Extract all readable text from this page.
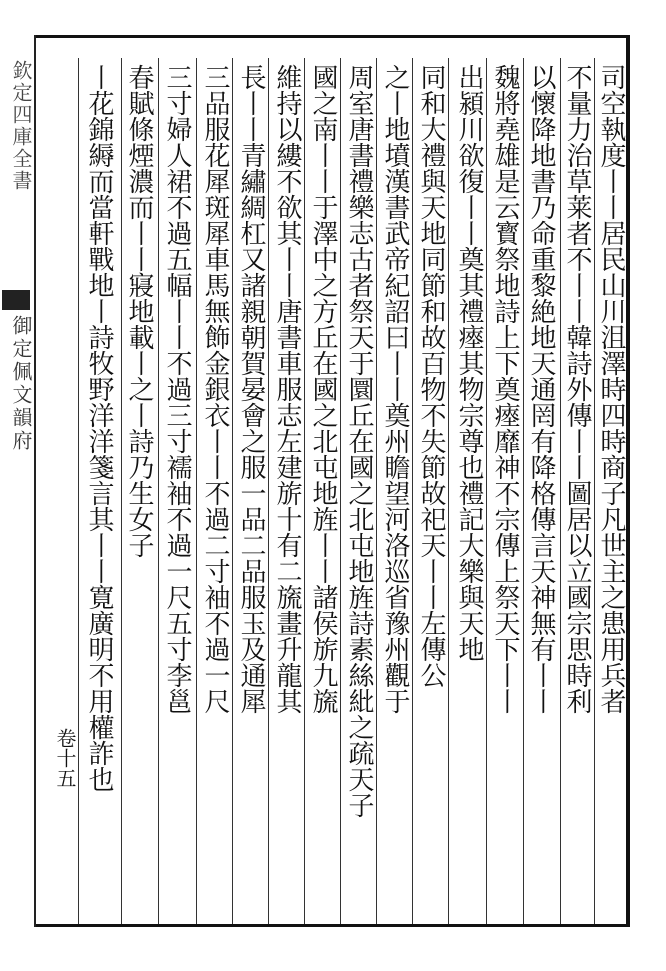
欽定四庫全書
御定佩文韻府	司空執度丨丨居民山川沮澤時四時商子凡世主之患用兵者
不量力治草莱者不丨丨韓詩外傳丨丨圖居以立國宗思時利
以懷降地書乃命重黎絶地天通罔有降格傳言天神無有丨丨
魏將堯雄是云寳祭地詩上下奠瘞靡神不宗傳上祭天下丨丨
出潁川欲復丨丨奠其禮瘞其物宗尊也禮記大樂與天地
同和大禮與天地同節和故百物不失節故祀天丨丨左傳公
之丨地墳漢書武帝紀詔曰丨丨奠州瞻望河洛巡省豫州觀于
周室唐書禮樂志古者祭天于圜丘在國之北屯地旌詩素絲紕之疏天子
國之南丨丨于澤中之方丘在國之北屯地旌丨丨諸侯旂九旒
維持以縷不欲其丨丨唐書車服志左建旂十有二旒畫升龍其
長丨丨青繡綢杠又諸親朝賀晏會之服一品二品服玉及通犀
三品服花犀斑犀車馬無飾金銀衣丨丨不過二寸袖不過一尺
三寸婦人裙不過五幅丨丨不過三寸襦袖不過一尺五寸李邕
春賦條煙濃而丨丨寢地載丨之丨詩乃生女子
丨花錦縟而當軒戰地丨詩牧野洋洋箋言其丨丨寛廣明不用權詐也
卷十五
